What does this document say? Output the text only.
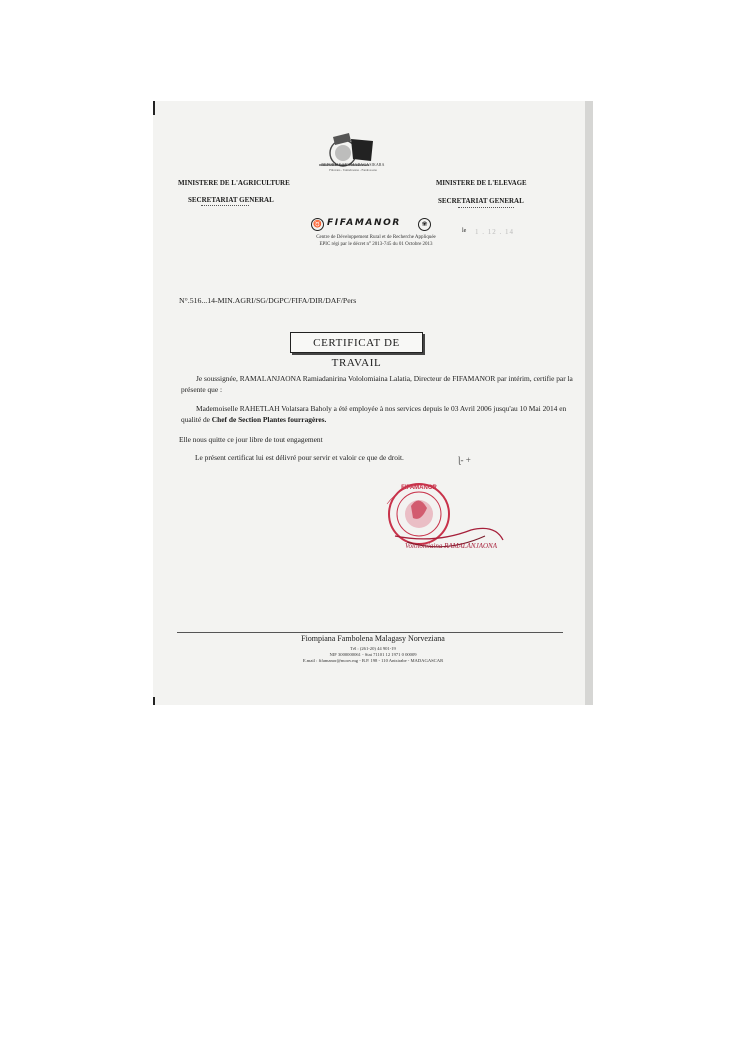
REPOBLIKAN'I MADAGASIKARA
Fitiavana - Tanindrazana - Fandrosoana
MINISTERE DE L'AGRICULTURE
SECRETARIAT GENERAL
MINISTERE DE L'ELEVAGE
SECRETARIAT GENERAL
♉ FIFAMANOR	❀
Centre de Développement Rural et de Recherche Appliquée
EPIC régi par le décret n° 2013-745 du 01 Octobre 2013
le 1 . 12 . 14
N°.516...14-MIN.AGRI/SG/DGPC/FIFA/DIR/DAF/Pers
CERTIFICAT DE TRAVAIL
Je soussignée, RAMALANJAONA Ramiadanirina Vololomiaina Lalatia, Directeur de FIFAMANOR par intérim, certifie par la présente que :
Mademoiselle RAHETLAH Volatsara Baholy a été employée à nos services depuis le 03 Avril 2006 jusqu'au 10 Mai 2014 en qualité de Chef de Section Plantes fourragères.
Elle nous quitte ce jour libre de tout engagement
Le présent certificat lui est délivré pour servir et valoir ce que de droit.	ɭ‑ +
FIFAMANOR
Vololomiaina RAMALANJAONA
Fiompiana Fambolena Malagasy Norveziana
Tél : (261-20) 44 901-19
NIF 3000000061 - Stat 71101 12 1971 0 00009
E.mail : fifamanor@moov.mg - B.P. 198 - 110 Antsirabe - MADAGASCAR
